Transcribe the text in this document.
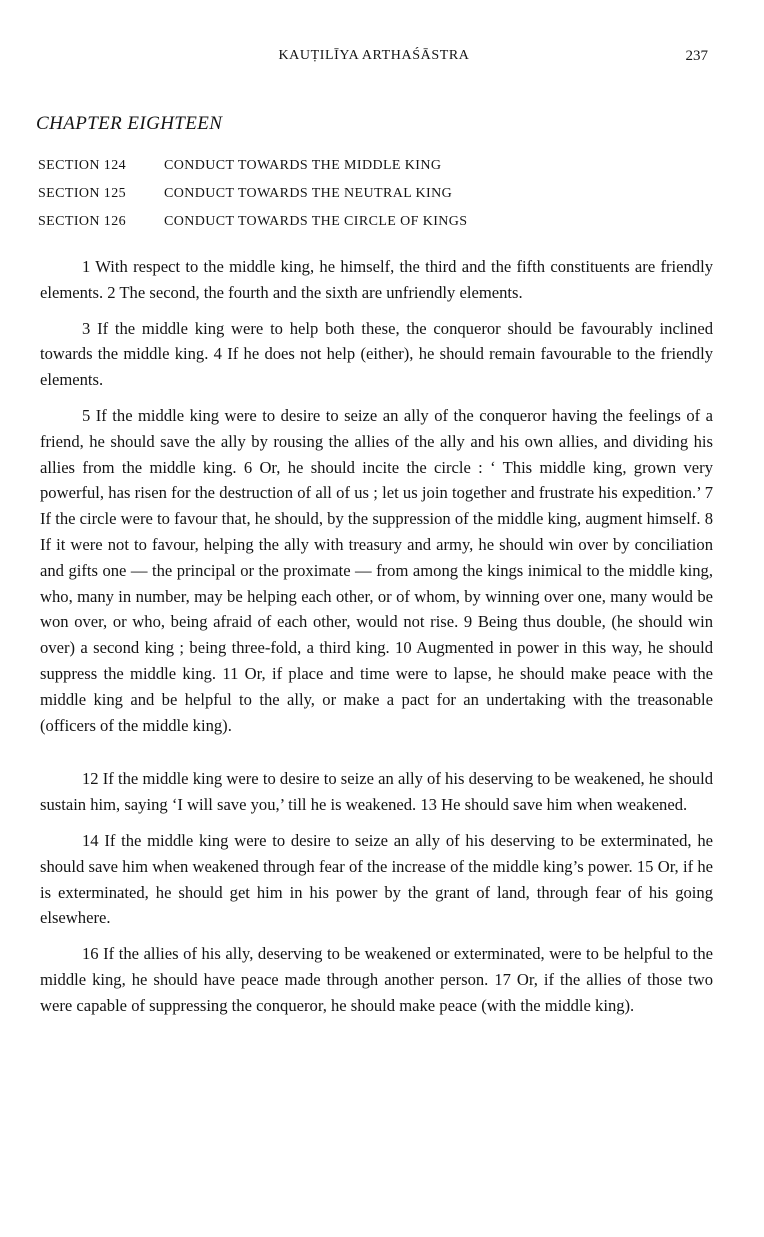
KAUṬILĪYA ARTHAŚĀSTRA	237
CHAPTER EIGHTEEN
SECTION 124	CONDUCT TOWARDS THE MIDDLE KING
SECTION 125	CONDUCT TOWARDS THE NEUTRAL KING
SECTION 126	CONDUCT TOWARDS THE CIRCLE OF KINGS

1 With respect to the middle king, he himself, the third and the fifth constituents are friendly elements. 2 The second, the fourth and the sixth are unfriendly elements.

3 If the middle king were to help both these, the conqueror should be favourably inclined towards the middle king. 4 If he does not help (either), he should remain favourable to the friendly elements.

5 If the middle king were to desire to seize an ally of the conqueror having the feelings of a friend, he should save the ally by rousing the allies of the ally and his own allies, and dividing his allies from the middle king. 6 Or, he should incite the circle : ‘ This middle king, grown very powerful, has risen for the destruction of all of us ; let us join together and frustrate his expedition.’ 7 If the circle were to favour that, he should, by the suppression of the middle king, augment himself. 8 If it were not to favour, helping the ally with treasury and army, he should win over by conciliation and gifts one — the principal or the proximate — from among the kings inimical to the middle king, who, many in number, may be helping each other, or of whom, by winning over one, many would be won over, or who, being afraid of each other, would not rise. 9 Being thus double, (he should win over) a second king ; being three-fold, a third king. 10 Augmented in power in this way, he should suppress the middle king. 11 Or, if place and time were to lapse, he should make peace with the middle king and be helpful to the ally, or make a pact for an undertaking with the treasonable (officers of the middle king).

12 If the middle king were to desire to seize an ally of his deserving to be weakened, he should sustain him, saying ‘I will save you,’ till he is weakened. 13 He should save him when weakened.

14 If the middle king were to desire to seize an ally of his deserving to be exterminated, he should save him when weakened through fear of the increase of the middle king’s power. 15 Or, if he is exterminated, he should get him in his power by the grant of land, through fear of his going elsewhere.

16 If the allies of his ally, deserving to be weakened or exterminated, were to be helpful to the middle king, he should have peace made through another person. 17 Or, if the allies of those two were capable of suppressing the conqueror, he should make peace (with the middle king).
